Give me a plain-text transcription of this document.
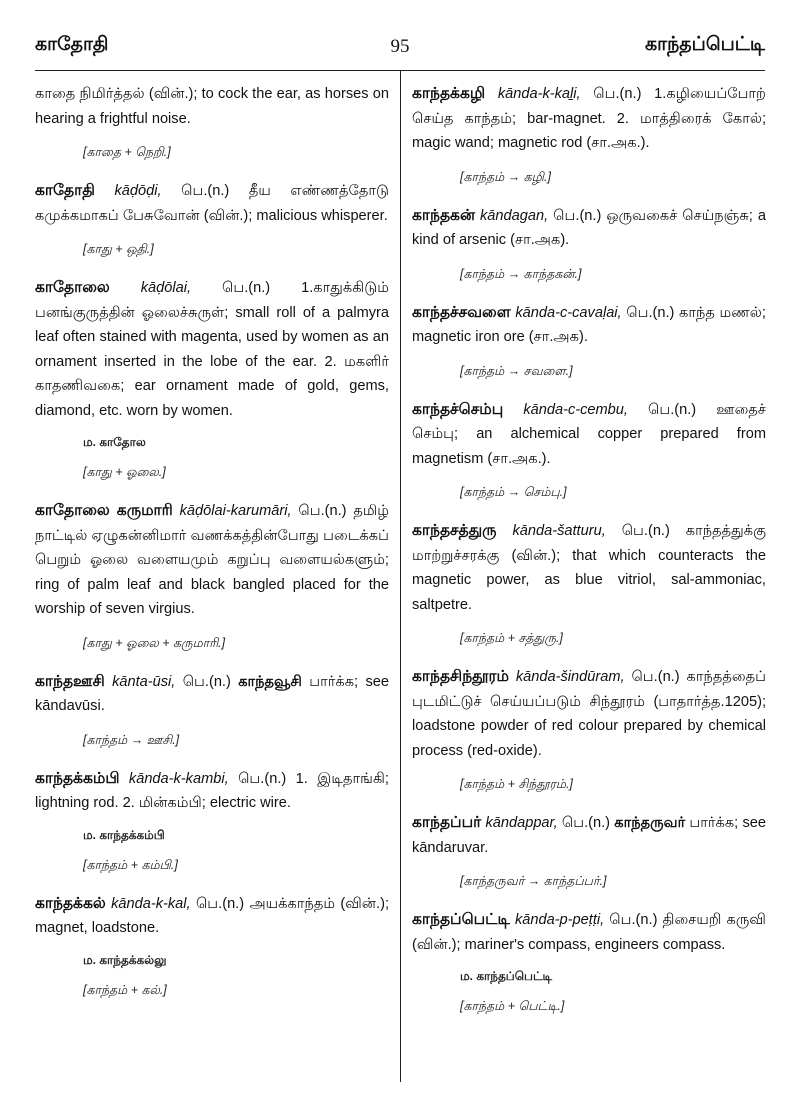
காதோதி	95	காந்தப்பெட்டி

காதை நிமிர்த்தல் (வின்.); to cock the ear, as horses on hearing a frightful noise.

[காதை + நெறி.]

காதோதி kāḍōḍi, பெ.(n.) தீய எண்ணத்தோடு கமுக்கமாகப் பேசுவோன் (வின்.); malicious whisperer.

[காது + ஒதி.]

காதோலை kāḍōlai, பெ.(n.) 1.காதுக்கிடும் பனங்குருத்தின் ஓலைச்சுருள்; small roll of a palmyra leaf often stained with magenta, used by women as an ornament inserted in the lobe of the ear. 2. மகளிர் காதணிவகை; ear ornament made of gold, gems, diamond, etc. worn by women.

ம. காதோல
[காது + ஓலை.]

காதோலை கருமாரி kāḍōlai-karumāri, பெ.(n.) தமிழ் நாட்டில் ஏழுகன்னிமார் வணக்கத்தின்போது படைக்கப் பெறும் ஓலை வளையமும் கறுப்பு வளையல்களும்; ring of palm leaf and black bangled placed for the worship of seven virgius.

[காது + ஓலை + கருமாரி.]

காந்தஊசி kānta-ūsi, பெ.(n.) காந்தவூசி பார்க்க; see kāndavūsi.

[காந்தம் → ஊசி.]

காந்தக்கம்பி kānda-k-kambi, பெ.(n.) 1. இடிதாங்கி; lightning rod. 2. மின்கம்பி; electric wire.

ம. காந்தக்கம்பி
[காந்தம் + கம்பி.]

காந்தக்கல் kānda-k-kal, பெ.(n.) அயக்காந்தம் (வின்.); magnet, loadstone.

ம. காந்தக்கல்லு
[காந்தம் + கல்.]

காந்தக்கழி kānda-k-kaḻi, பெ.(n.) 1.கழியைப்போற் செய்த காந்தம்; bar-magnet. 2. மாத்திரைக் கோல்; magic wand; magnetic rod (சா.அக.).

[காந்தம் → கழி.]

காந்தகன் kāndagan, பெ.(n.) ஒருவகைச் செய்நஞ்சு; a kind of arsenic (சா.அக).

[காந்தம் → காந்தகன்.]

காந்தச்சவளை kānda-c-cavaḷai, பெ.(n.) காந்த மணல்; magnetic iron ore (சா.அக).

[காந்தம் → சவளை.]

காந்தச்செம்பு kānda-c-cembu, பெ.(n.) ஊதைச் செம்பு; an alchemical copper prepared from magnetism (சா.அக.).

[காந்தம் → செம்பு.]

காந்தசத்துரு kānda-šatturu, பெ.(n.) காந்தத்துக்கு மாற்றுச்சரக்கு (வின்.); that which counteracts the magnetic power, as blue vitriol, sal-ammoniac, saltpetre.

[காந்தம் + சத்துரு.]

காந்தசிந்தூரம் kānda-šindūram, பெ.(n.) காந்தத்தைப் புடமிட்டுச் செய்யப்படும் சிந்தூரம் (பாதார்த்த.1205); loadstone powder of red colour prepared by chemical process (red-oxide).

[காந்தம் + சிந்தூரம்.]

காந்தப்பர் kāndappar, பெ.(n.) காந்தருவர் பார்க்க; see kāndaruvar.

[காந்தருவர் → காந்தப்பர்.]

காந்தப்பெட்டி kānda-p-peṭṭi, பெ.(n.) திசையறி கருவி (வின்.); mariner's compass, engineers compass.

ம. காந்தப்பெட்டி
[காந்தம் + பெட்டி.]
